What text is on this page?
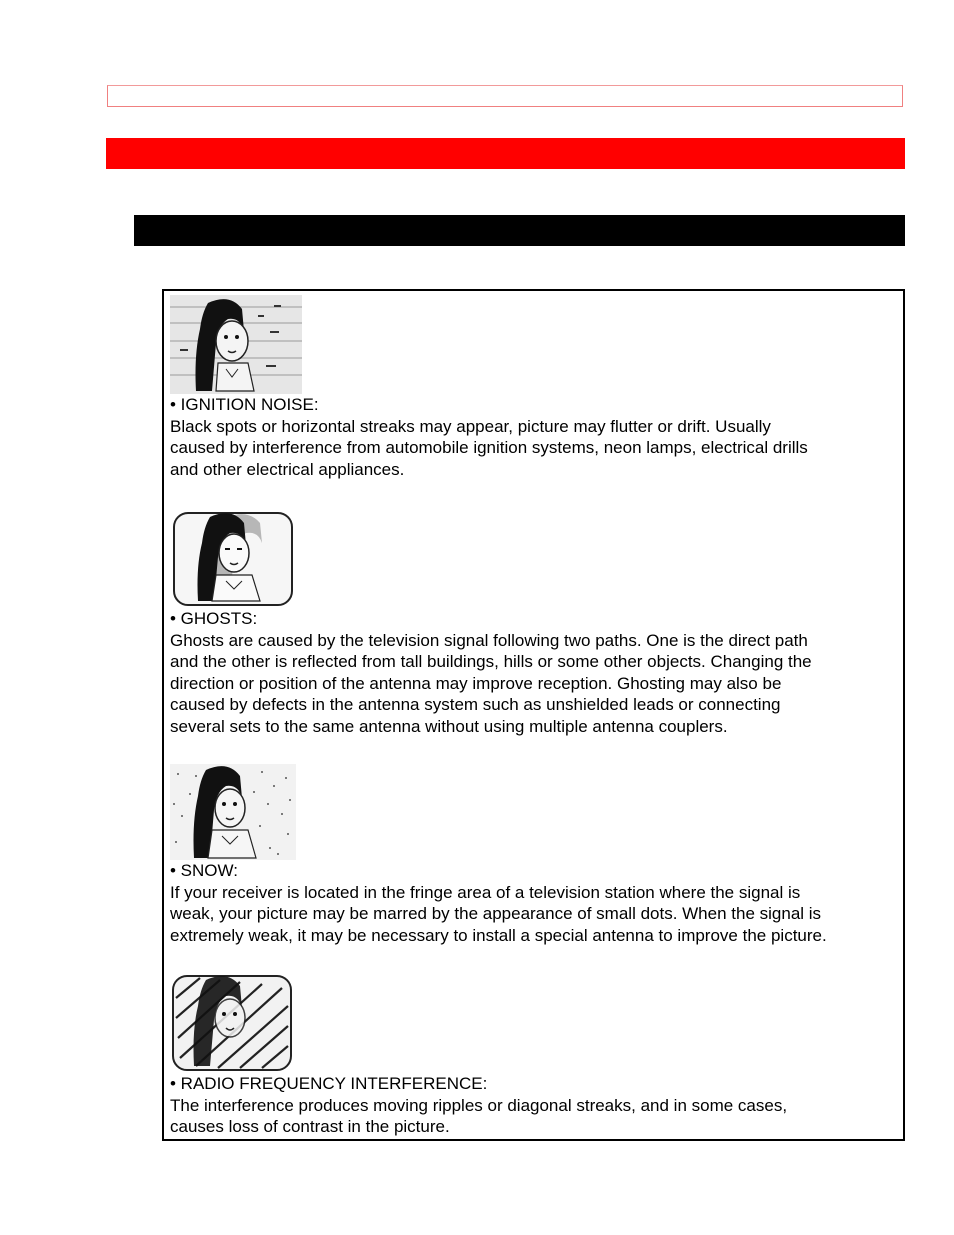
• IGNITION NOISE:

Black spots or horizontal streaks may appear, picture may flutter or drift. Usually

caused by interference from automobile ignition systems, neon lamps, electrical drills

and other electrical appliances.

• GHOSTS:

Ghosts are caused by the television signal following two paths. One is the direct path

and the other is reflected from tall buildings, hills or some other objects. Changing the

direction or position of the antenna may improve reception. Ghosting may also be

caused by defects in the antenna system such as unshielded leads or connecting

several sets to the same antenna without using multiple antenna couplers.

• SNOW:

If your receiver is located in the fringe area of a television station where the signal is

weak, your picture may be marred by the appearance of small dots. When the signal is

extremely weak, it may be necessary to install a special antenna to improve the picture.

• RADIO FREQUENCY INTERFERENCE:

The interference produces moving ripples or diagonal streaks, and in some cases,

causes loss of contrast in the picture.
